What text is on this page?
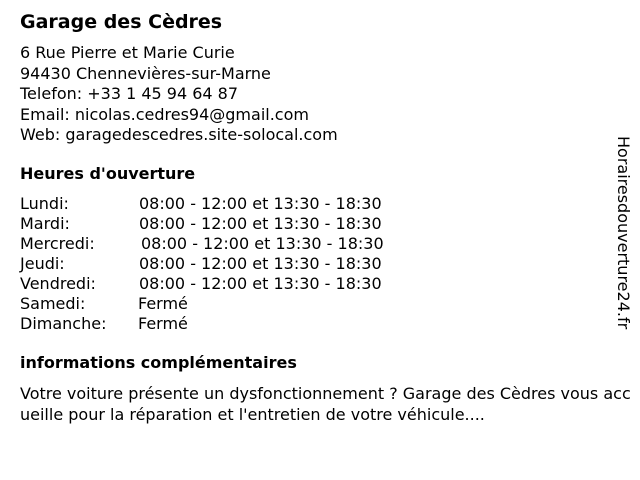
Garage des Cèdres
6 Rue Pierre et Marie Curie
94430 Chennevières-sur-Marne
Telefon: +33 1 45 94 64 87
Email: nicolas.cedres94@gmail.com
Web: garagedescedres.site-solocal.com
Heures d'ouverture
Lundi:	08:00 - 12:00 et 13:30 - 18:30
Mardi:	08:00 - 12:00 et 13:30 - 18:30
Mercredi:	08:00 - 12:00 et 13:30 - 18:30
Jeudi:	08:00 - 12:00 et 13:30 - 18:30
Vendredi:	08:00 - 12:00 et 13:30 - 18:30
Samedi:	Fermé
Dimanche: Fermé
informations complémentaires
Votre voiture présente un dysfonctionnement ? Garage des Cèdres vous accueille pour la réparation et l'entretien de votre véhicule....
Horairesdouverture24.fr
